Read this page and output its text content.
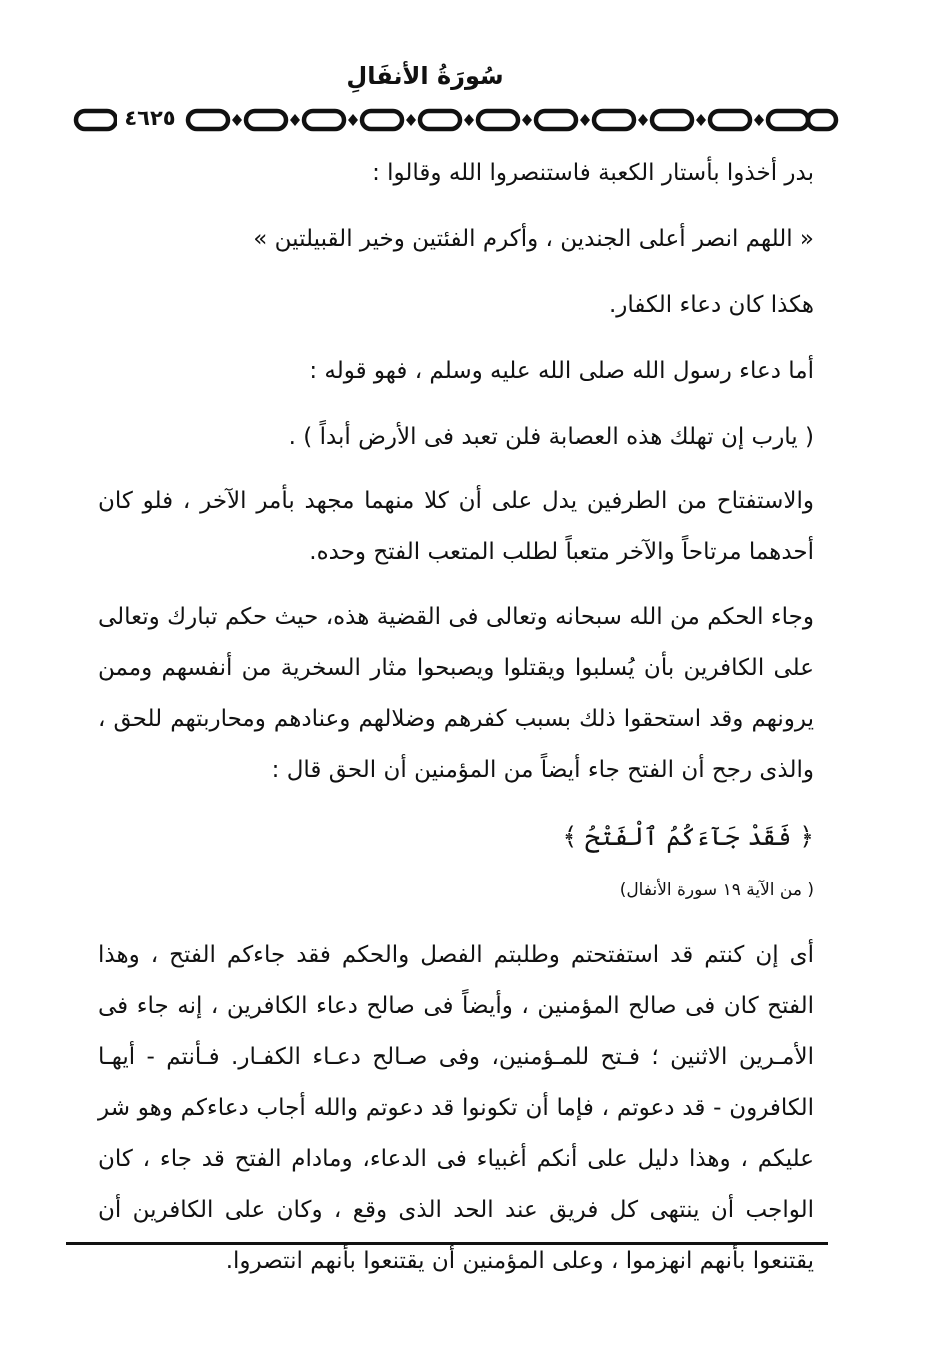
سُورَةُ الأنفَالِ
٤٦٢٥

بدر أخذوا بأستار الكعبة فاستنصروا الله وقالوا :

« اللهم انصر أعلى الجندين ، وأكرم الفئتين وخير القبيلتين »

هكذا كان دعاء الكفار.

أما دعاء رسول الله صلى الله عليه وسلم ، فهو قوله :

( يارب إن تهلك هذه العصابة فلن تعبد فى الأرض أبداً ) .

والاستفتاح من الطرفين يدل على أن كلا منهما مجهد بأمر الآخر ، فلو كان أحدهما مرتاحاً والآخر متعباً لطلب المتعب الفتح وحده.

وجاء الحكم من الله سبحانه وتعالى فى القضية هذه، حيث حكم تبارك وتعالى على الكافرين بأن يُسلبوا ويقتلوا ويصبحوا مثار السخرية من أنفسهم وممن يرونهم وقد استحقوا ذلك بسبب كفرهم وضلالهم وعنادهم ومحاربتهم للحق ، والذى رجح أن الفتح جاء أيضاً من المؤمنين أن الحق قال :

﴿ فَقَدْ جَآءَكُمُ ٱلْفَتْحُ ﴾

( من الآية ١٩ سورة الأنفال)

أى إن كنتم قد استفتحتم وطلبتم الفصل والحكم فقد جاءكم الفتح ، وهذا الفتح كان فى صالح المؤمنين ، وأيضاً فى صالح دعاء الكافرين ، إنه جاء فى الأمـرين الاثنين ؛ فـتح للمـؤمنين، وفى صـالح دعـاء الكفـار. فـأنتم - أيهـا الكافرون - قد دعوتم ، فإما أن تكونوا قد دعوتم والله أجاب دعاءكم وهو شر عليكم ، وهذا دليل على أنكم أغبياء فى الدعاء، ومادام الفتح قد جاء ، كان الواجب أن ينتهى كل فريق عند الحد الذى وقع ، وكان على الكافرين أن يقتنعوا بأنهم انهزموا ، وعلى المؤمنين أن يقتنعوا بأنهم انتصروا.
